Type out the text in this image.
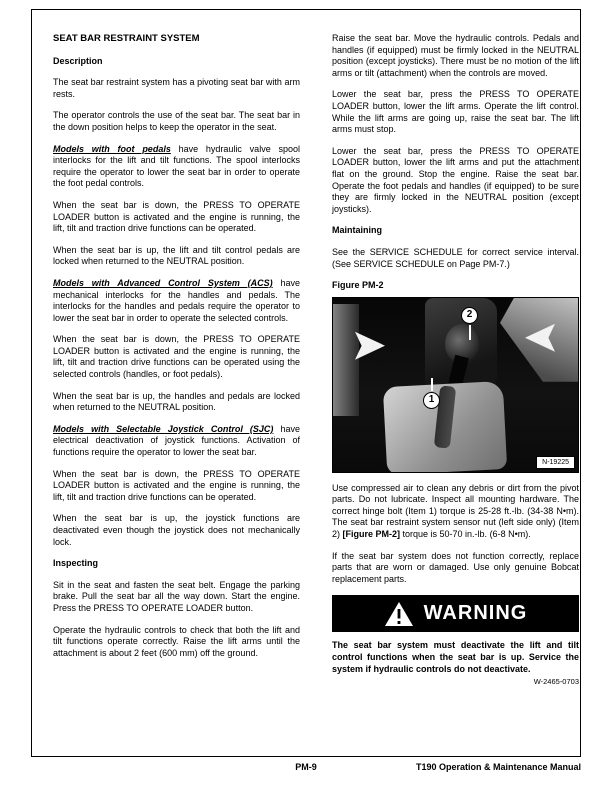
SEAT BAR RESTRAINT SYSTEM
Description

The seat bar restraint system has a pivoting seat bar with arm rests.

The operator controls the use of the seat bar. The seat bar in the down position helps to keep the operator in the seat.

Models with foot pedals have hydraulic valve spool interlocks for the lift and tilt functions. The spool interlocks require the operator to lower the seat bar in order to operate the foot pedal controls.

When the seat bar is down, the PRESS TO OPERATE LOADER button is activated and the engine is running, the lift, tilt and traction drive functions can be operated.

When the seat bar is up, the lift and tilt control pedals are locked when returned to the NEUTRAL position.

Models with Advanced Control System (ACS) have mechanical interlocks for the handles and pedals. The interlocks for the handles and pedals require the operator to lower the seat bar in order to operate the selected controls.

When the seat bar is down, the PRESS TO OPERATE LOADER button is activated and the engine is running, the lift, tilt and traction drive functions can be operated using the selected controls (handles, or foot pedals).

When the seat bar is up, the handles and pedals are locked when returned to the NEUTRAL position.

Models with Selectable Joystick Control (SJC) have electrical deactivation of joystick functions. Activation of functions require the operator to lower the seat bar.

When the seat bar is down, the PRESS TO OPERATE LOADER button is activated and the engine is running, the lift, tilt and traction drive functions can be operated.

When the seat bar is up, the joystick functions are deactivated even though the joystick does not mechanically lock.

Inspecting

Sit in the seat and fasten the seat belt. Engage the parking brake. Pull the seat bar all the way down. Start the engine. Press the PRESS TO OPERATE LOADER button.

Operate the hydraulic controls to check that both the lift and tilt functions operate correctly. Raise the lift arms until the attachment is about 2 feet (600 mm) off the ground.

Raise the seat bar. Move the hydraulic controls. Pedals and handles (if equipped) must be firmly locked in the NEUTRAL position (except joysticks). There must be no motion of the lift arms or tilt (attachment) when the controls are moved.

Lower the seat bar, press the PRESS TO OPERATE LOADER button, lower the lift arms. Operate the lift control. While the lift arms are going up, raise the seat bar. The lift arms must stop.

Lower the seat bar, press the PRESS TO OPERATE LOADER button, lower the lift arms and put the attachment flat on the ground. Stop the engine. Raise the seat bar. Operate the foot pedals and handles (if equipped) to be sure they are firmly locked in the NEUTRAL position (except joysticks).

Maintaining

See the SERVICE SCHEDULE for correct service interval. (See SERVICE SCHEDULE on Page PM-7.)

Figure PM-2
2
1
N-19225

Use compressed air to clean any debris or dirt from the pivot parts. Do not lubricate. Inspect all mounting hardware. The correct hinge bolt (Item 1) torque is 25-28 ft.-lb. (34-38 N•m). The seat bar restraint system sensor nut (left side only) (Item 2) [Figure PM-2] torque is 50-70 in.-lb. (6-8 N•m).

If the seat bar system does not function correctly, replace parts that are worn or damaged. Use only genuine Bobcat replacement parts.

WARNING

The seat bar system must deactivate the lift and tilt control functions when the seat bar is up. Service the system if hydraulic controls do not deactivate.

W-2465-0703
PM-9	T190 Operation & Maintenance Manual
